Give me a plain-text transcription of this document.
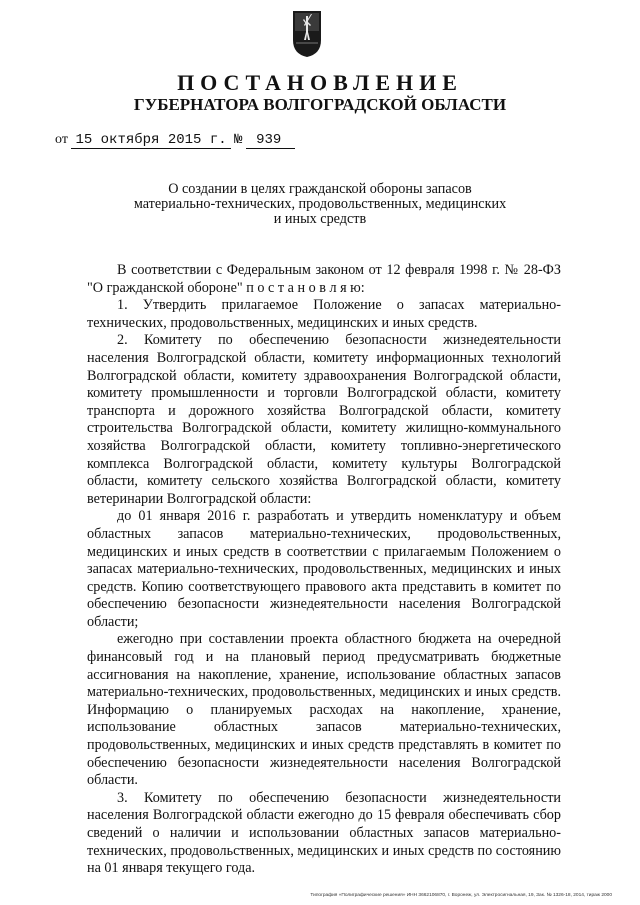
ПОСТАНОВЛЕНИЕ
ГУБЕРНАТОРА ВОЛГОГРАДСКОЙ ОБЛАСТИ
от 15 октября 2015 г. № 939
О создании в целях гражданской обороны запасов
материально-технических, продовольственных, медицинских
и иных средств

В соответствии с Федеральным законом от 12 февраля 1998 г. № 28-ФЗ "О гражданской обороне" п о с т а н о в л я ю:

1. Утвердить прилагаемое Положение о запасах материально-технических, продовольственных, медицинских и иных средств.

2. Комитету по обеспечению безопасности жизнедеятельности населения Волгоградской области, комитету информационных технологий Волгоградской области, комитету здравоохранения Волгоградской области, комитету промышленности и торговли Волгоградской области, комитету транспорта и дорожного хозяйства Волгоградской области, комитету строительства Волгоградской области, комитету жилищно-коммунального хозяйства Волгоградской области, комитету топливно-энергетического комплекса Волгоградской области, комитету культуры Волгоградской области, комитету сельского хозяйства Волгоградской области, комитету ветеринарии Волгоградской области:

до 01 января 2016 г. разработать и утвердить номенклатуру и объем областных запасов материально-технических, продовольственных, медицинских и иных средств в соответствии с прилагаемым Положением о запасах материально-технических, продовольственных, медицинских и иных средств. Копию соответствующего правового акта представить в комитет по обеспечению безопасности жизнедеятельности населения Волгоградской области;

ежегодно при составлении проекта областного бюджета на очередной финансовый год и на плановый период предусматривать бюджетные ассигнования на накопление, хранение, использование областных запасов материально-технических, продовольственных, медицинских и иных средств. Информацию о планируемых расходах на накопление, хранение, использование областных запасов материально-технических, продовольственных, медицинских и иных средств представлять в комитет по обеспечению безопасности жизнедеятельности населения Волгоградской области.

3. Комитету по обеспечению безопасности жизнедеятельности населения Волгоградской области ежегодно до 15 февраля обеспечивать сбор сведений о наличии и использовании областных запасов материально-технических, продовольственных, медицинских и иных средств по состоянию на 01 января текущего года.

Типография «Полиграфические решения» ИНН 3662106870, г. Воронеж, ул. Электросигнальная, 19, Зак. № 1326-18, 2014, тираж 2000
